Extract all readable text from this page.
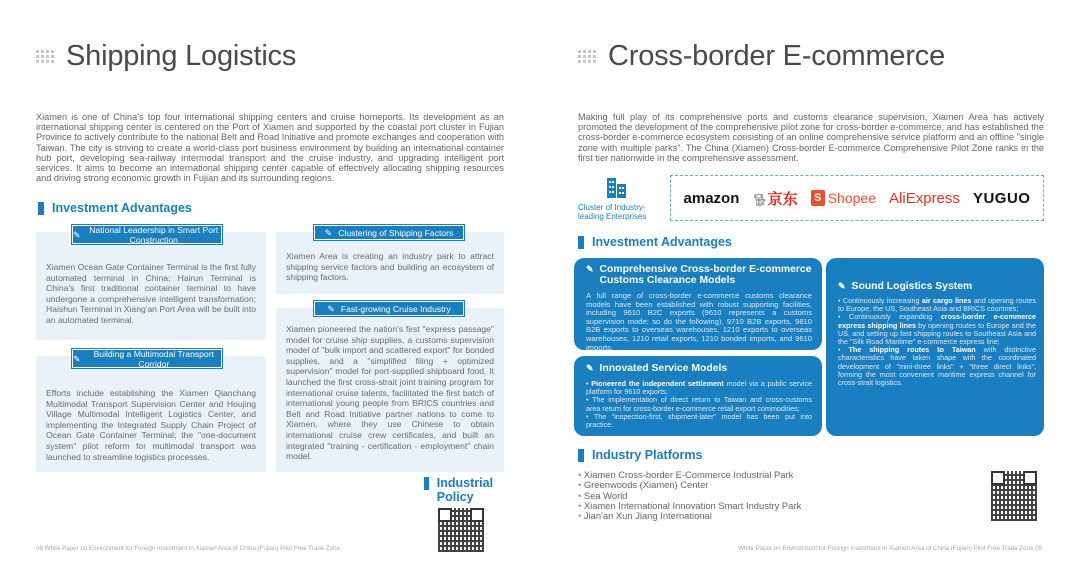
Shipping Logistics
Xiamen is one of China's top four international shipping centers and cruise homeports. Its development as an international shipping center is centered on the Port of Xiamen and supported by the coastal port cluster in Fujian Province to actively contribute to the national Belt and Road Initiative and promote exchanges and cooperation with Taiwan. The city is striving to create a world-class port business environment by building an international container hub port, developing sea-railway intermodal transport and the cruise industry, and upgrading intelligent port services. It aims to become an international shipping center capable of effectively allocating shipping resources and driving strong economic growth in Fujian and its surrounding regions.
Investment Advantages
✎	National Leadership in Smart Port Construction
Xiamen Ocean Gate Container Terminal is the first fully automated terminal in China; Hairun Terminal is China's first traditional container terminal to have undergone a comprehensive intelligent transformation; Haishun Terminal in Xiang'an Port Area will be built into an automated terminal.
✎	Building a Multimodal Transport Corridor
Efforts include establishing the Xiamen Qianchang Multimodal Transport Supervision Center and Houjing Village Multimodal Intelligent Logistics Center, and implementing the Integrated Supply Chain Project of Ocean Gate Container Terminal; the "one-document system" pilot reform for multimodal transport was launched to streamline logistics processes.
✎ Clustering of Shipping Factors
Xiamen Area is creating an industry park to attract shipping service factors and building an ecosystem of shipping factors.
✎ Fast-growing Cruise Industry
Xiamen pioneered the nation's first "express passage" model for cruise ship supplies, a customs supervision model of "bulk import and scattered export" for bonded supplies, and a "simplified filing + optimized supervision" model for port-supplied shipboard food. It launched the first cross-strait joint training program for international cruise talents, facilitated the first batch of international young people from BRICS countries and Belt and Road Initiative partner nations to come to Xiamen, where they use Chinese to obtain international cruise crew certificates, and built an integrated "training - certification - employment" chain model.
Industrial Policy
08 White Paper on Environment for Foreign Investment in Xiamen Area of China (Fujian) Pilot Free Trade Zone
Cross-border E-commerce
Making full play of its comprehensive ports and customs clearance supervision, Xiamen Area has actively promoted the development of the comprehensive pilot zone for cross-border e-commerce, and has established the cross-border e-commerce ecosystem consisting of an online comprehensive service platform and an offline "single zone with multiple parks". The China (Xiamen) Cross-border E-commerce Comprehensive Pilot Zone ranks in the first tier nationwide in the comprehensive assessment.
Cluster of Industry-leading Enterprises
amazon 🐕︎京东	S Shopee AliExpress YUGUO
Investment Advantages
✎ Comprehensive Cross-border E-commerce Customs Clearance Models
A full range of cross-border e-commerce customs clearance models have been established with robust supporting facilities, including 9610 B2C exports (9610 represents a customs supervision mode; so do the following), 9710 B2B exports, 9810 B2B exports to overseas warehouses, 1210 exports to overseas warehouses, 1210 retail exports, 1210 bonded imports, and 9610 imports.
✎ Innovated Service Models
• Pioneered the independent settlement model via a public service platform for 9610 exports;
• The implementation of direct return to Taiwan and cross-customs area return for cross-border e-commerce retail export commodities;
• The "inspection-first, shipment-later" model has been put into practice.
✎ Sound Logistics System
• Continuously increasing air cargo lines and opening routes to Europe, the US, Southeast Asia and BRICS countries;
• Continuously expanding cross-border e-commerce express shipping lines by opening routes to Europe and the US, and setting up fast shipping routes to Southeast Asia and the "Silk Road Maritime" e-commerce express line;
• The shipping routes to Taiwan with distinctive characteristics have taken shape with the coordinated development of "mini-three links" + "three direct links", forming the most convenient maritime express channel for cross-strait logistics.
Industry Platforms
• Xiamen Cross-border E-Commerce Industrial Park
• Greenwoods (Xiamen) Center
• Sea World
• Xiamen International Innovation Smart Industry Park
• Jian'an Xun Jiang International
White Paper on Environment for Foreign Investment in Xiamen Area of China (Fujian) Pilot Free Trade Zone 09
